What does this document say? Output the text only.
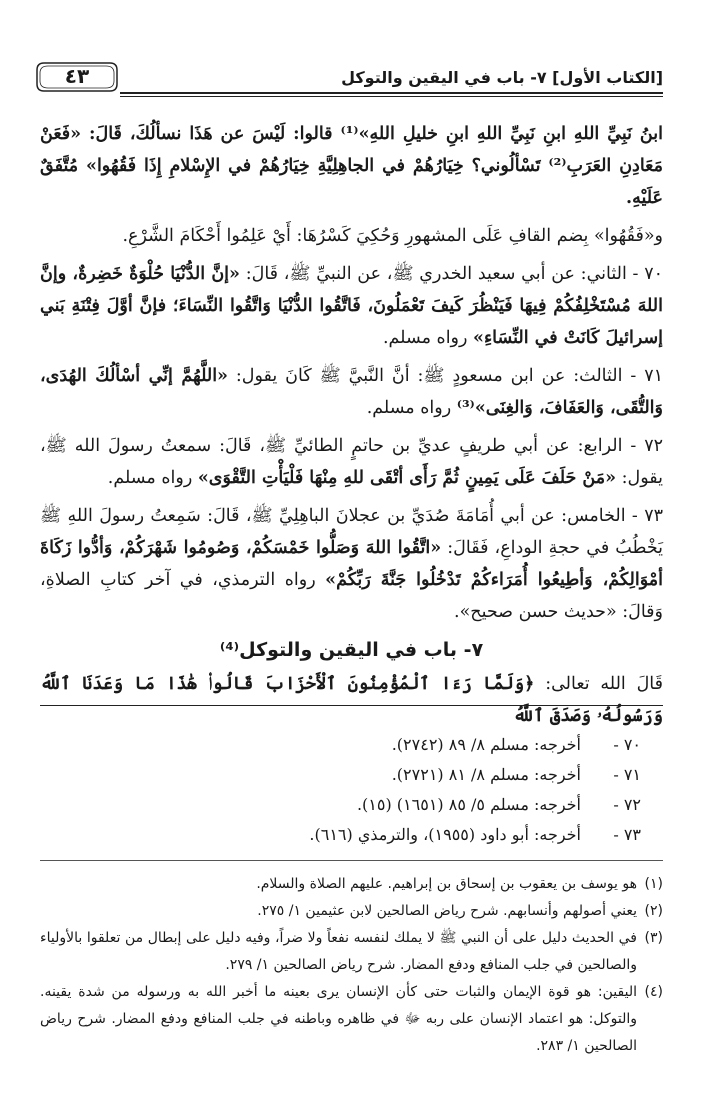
[الكتاب الأول] ٧- باب في اليقين والتوكل
٤٣

ابنُ نَبِيِّ اللهِ ابنِ نَبِيِّ اللهِ ابنِ خليلِ اللهِ»⁽¹⁾ قالوا: لَيْسَ عن هَذَا نسألُكَ، قَالَ: «فَعَنْ مَعَادِنِ العَرَبِ⁽²⁾ تَسْألُوني؟ خِيَارُهُمْ في الجاهِلِيَّةِ خِيَارُهُمْ في الإِسْلامِ إِذَا فَقُهُوا» مُتَّفَقٌ عَلَيْهِ.

و«فَقُهُوا» بِضم القافِ عَلَى المشهورِ وَحُكِيَ كَسْرُهَا: أَيْ عَلِمُوا أَحْكَامَ الشَّرْعِ.

٧٠ - الثاني: عن أبي سعيد الخدري ﷺ، عن النبيِّ ﷺ، قَالَ: «إنَّ الدُّنْيَا حُلْوَةٌ خَضِرةٌ، وإنَّ اللهَ مُسْتَخْلِفُكُمْ فِيهَا فَيَنْظُرَ كَيفَ تَعْمَلُونَ، فَاتَّقُوا الدُّنْيَا وَاتَّقُوا النِّسَاءَ؛ فإنَّ أوَّلَ فِتْنَةِ بَني إسرائيلَ كَانَتْ في النِّسَاءِ» رواه مسلم.

٧١ - الثالث: عن ابن مسعودٍ ﷺ: أنَّ النَّبيَّ ﷺ كَانَ يقول: «اللَّهُمَّ إنِّي أسْألُكَ الهُدَى، وَالتُّقَى، وَالعَفَافَ، وَالغِنَى»⁽³⁾ رواه مسلم.

٧٢ - الرابع: عن أبي طريفٍ عديِّ بن حاتمٍ الطائيِّ ﷺ، قَالَ: سمعتُ رسولَ الله ﷺ، يقول: «مَنْ حَلَفَ عَلَى يَمِينٍ ثُمَّ رَأَى أتْقَى للهِ مِنْهَا فَلْيَأْتِ التَّقْوَى» رواه مسلم.

٧٣ - الخامس: عن أبي أُمَامَةَ صُدَيِّ بن عجلانَ الباهِلِيِّ ﷺ، قَالَ: سَمِعتُ رسولَ اللهِ ﷺ يَخْطُبُ في حجةِ الوداعِ، فَقَالَ: «اتَّقُوا اللهَ وَصَلُّوا خَمْسَكُمْ، وَصُومُوا شَهْرَكُمْ، وَأدُّوا زَكَاةَ أمْوَالِكُمْ، وَأطِيعُوا أُمَرَاءكُمْ تَدْخُلُوا جَنَّةَ رَبِّكُمْ» رواه الترمذي، في آخر كتابِ الصلاةِ، وَقالَ: «حديث حسن صحيح».

٧- باب في اليقين والتوكل⁽⁴⁾

قَالَ الله تعالى: ﴿وَلَمَّا رَءَا ٱلْمُؤْمِنُونَ ٱلْأَحْزَابَ قَالُوا۟ هَٰذَا مَا وَعَدَنَا ٱللَّهُ وَرَسُولُهُۥ وَصَدَقَ ٱللَّهُ

٧٠ -
أخرجه: مسلم ٨/ ٨٩ (٢٧٤٢).
٧١ -
أخرجه: مسلم ٨/ ٨١ (٢٧٢١).
٧٢ -
أخرجه: مسلم ٥/ ٨٥ (١٦٥١) (١٥).
٧٣ -
أخرجه: أبو داود (١٩٥٥)، والترمذي (٦١٦).
(١)
هو يوسف بن يعقوب بن إسحاق بن إبراهيم. عليهم الصلاة والسلام.
(٢)
يعني أصولهم وأنسابهم. شرح رياض الصالحين لابن عثيمين ١/ ٢٧٥.
(٣)
في الحديث دليل على أن النبي ﷺ لا يملك لنفسه نفعاً ولا ضراً، وفيه دليل على إبطال من تعلقوا بالأولياء والصالحين في جلب المنافع ودفع المضار. شرح رياض الصالحين ١/ ٢٧٩.
(٤)
اليقين: هو قوة الإيمان والثبات حتى كأن الإنسان يرى بعينه ما أخبر الله به ورسوله من شدة يقينه. والتوكل: هو اعتماد الإنسان على ربه ﷻ في ظاهره وباطنه في جلب المنافع ودفع المضار. شرح رياض الصالحين ١/ ٢٨٣.
